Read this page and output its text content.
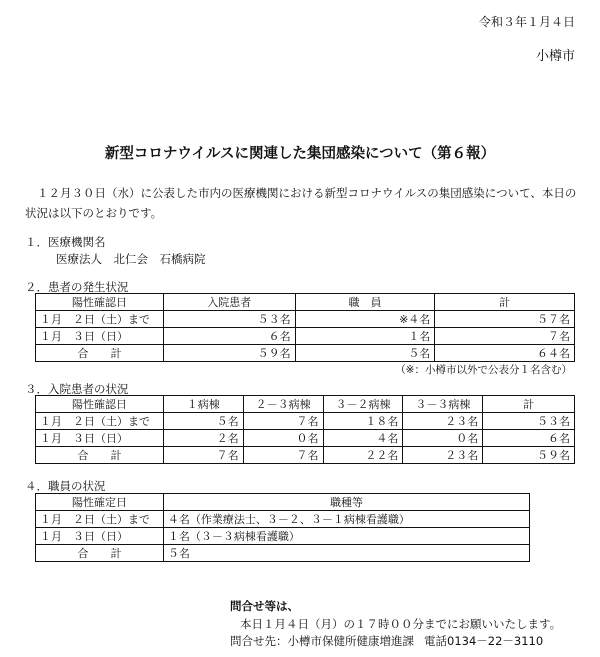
令和３年１月４日
小樽市
新型コロナウイルスに関連した集団感染について（第６報）
１２月３０日（水）に公表した市内の医療機関における新型コロナウイルスの集団感染について、本日の状況は以下のとおりです。
１．医療機関名
医療法人　北仁会　石橋病院
２．患者の発生状況
陽性確認日	入院患者	職　員	計
１月　２日（土）まで	５３名	※４名	５７名
１月　３日（日）	６名	１名	７名
合　　計	５９名	５名	６４名
（※：小樽市以外で公表分１名含む）
３．入院患者の状況
陽性確認日	１病棟	２－３病棟	３－２病棟	３－３病棟	計
１月　２日（土）まで	５名	７名	１８名	２３名	５３名
１月　３日（日）	２名	０名	４名	０名	６名
合　　計	７名	７名	２２名	２３名	５９名
４．職員の状況
陽性確定日	職種等
１月　２日（土）まで	４名（作業療法士、３－２、３－１病棟看護職）
１月　３日（日）	１名（３－３病棟看護職）
合　　計	５名
問合せ等は、
本日１月４日（月）の１７時００分までにお願いいたします。
問合せ先：小樽市保健所健康増進課 電話0134－22－3110
